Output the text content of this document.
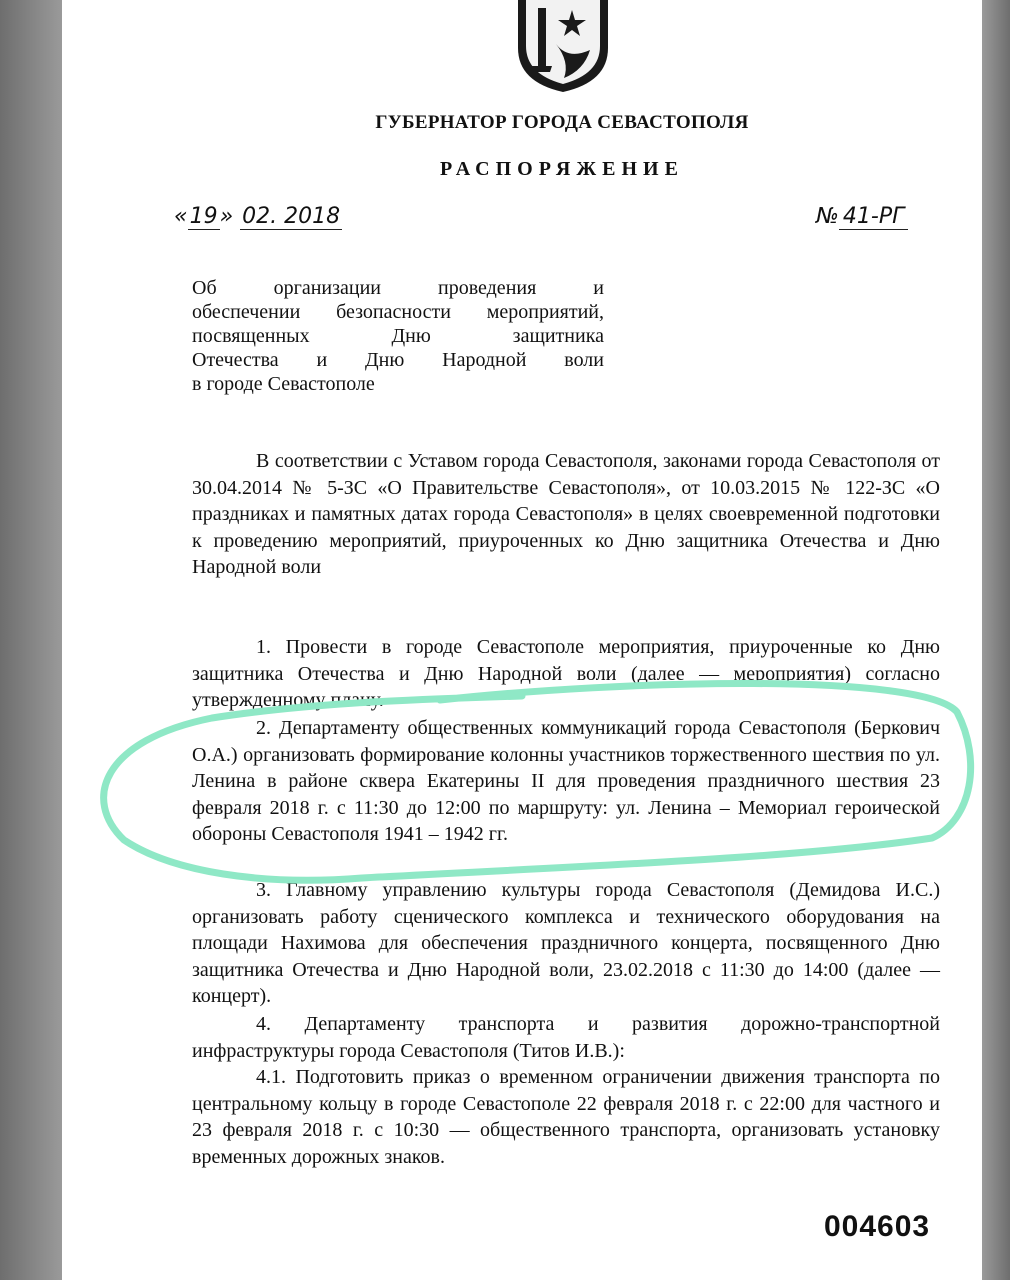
ГУБЕРНАТОР ГОРОДА СЕВАСТОПОЛЯ
РАСПОРЯЖЕНИЕ
«19» 02. 2018	№ 41-РГ
Об организации проведения и
обеспечении безопасности мероприятий,
посвященных Дню защитника
Отечества и Дню Народной воли
в городе Севастополе

В соответствии с Уставом города Севастополя, законами города Севастополя от 30.04.2014 № 5-ЗС «О Правительстве Севастополя», от 10.03.2015 № 122-ЗС «О праздниках и памятных датах города Севастополя» в целях своевременной подготовки к проведению мероприятий, приуроченных ко Дню защитника Отечества и Дню Народной воли

1. Провести в городе Севастополе мероприятия, приуроченные ко Дню защитника Отечества и Дню Народной воли (далее — мероприятия) согласно утвержденному плану.

2. Департаменту общественных коммуникаций города Севастополя (Беркович О.А.) организовать формирование колонны участников торжественного шествия по ул. Ленина в районе сквера Екатерины II для проведения праздничного шествия 23 февраля 2018 г. с 11:30 до 12:00 по маршруту: ул. Ленина – Мемориал героической обороны Севастополя 1941 – 1942 гг.

3. Главному управлению культуры города Севастополя (Демидова И.С.) организовать работу сценического комплекса и технического оборудования на площади Нахимова для обеспечения праздничного концерта, посвященного Дню защитника Отечества и Дню Народной воли, 23.02.2018 с 11:30 до 14:00 (далее — концерт).

4. Департаменту транспорта и развития дорожно-транспортной инфраструктуры города Севастополя (Титов И.В.):

4.1. Подготовить приказ о временном ограничении движения транспорта по центральному кольцу в городе Севастополе 22 февраля 2018 г. с 22:00 для частного и 23 февраля 2018 г. с 10:30 — общественного транспорта, организовать установку временных дорожных знаков.

004603
